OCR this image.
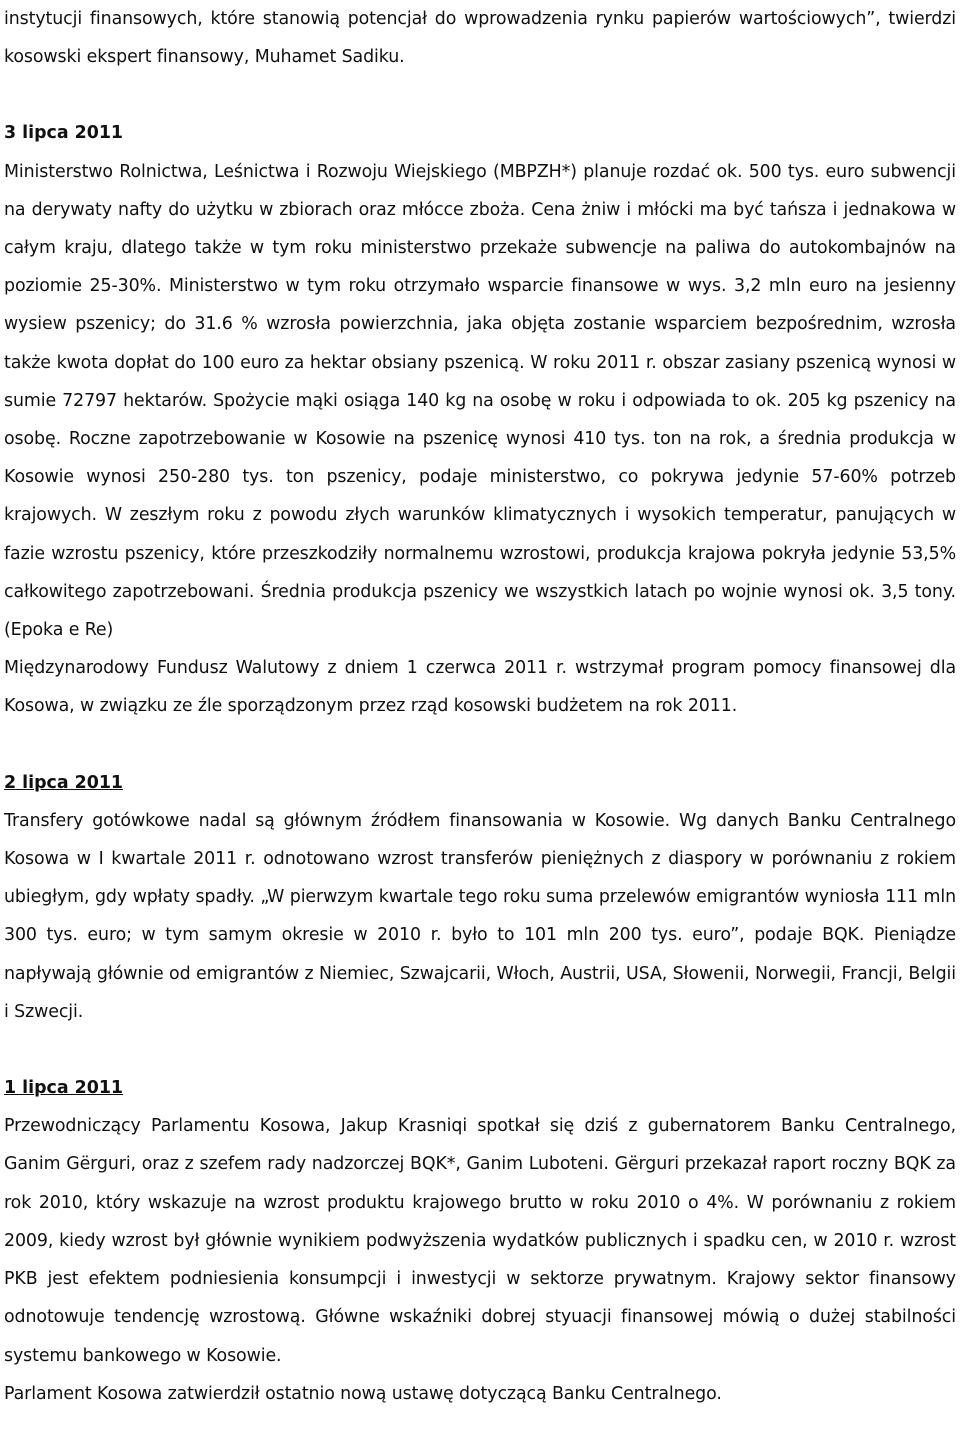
instytucji finansowych, które stanowią potencjał do wprowadzenia rynku papierów wartościowych”, twierdzi kosowski ekspert finansowy, Muhamet Sadiku.

3 lipca 2011

Ministerstwo Rolnictwa, Leśnictwa i Rozwoju Wiejskiego (MBPZH*) planuje rozdać ok. 500 tys. euro subwencji na derywaty nafty do użytku w zbiorach oraz młócce zboża. Cena żniw i młócki ma być tańsza i jednakowa w całym kraju, dlatego także w tym roku ministerstwo przekaże subwencje na paliwa do autokombajnów na poziomie 25-30%. Ministerstwo w tym roku otrzymało wsparcie finansowe w wys. 3,2 mln euro na jesienny wysiew pszenicy; do 31.6 % wzrosła powierzchnia, jaka objęta zostanie wsparciem bezpośrednim, wzrosła także kwota dopłat do 100 euro za hektar obsiany pszenicą. W roku 2011 r. obszar zasiany pszenicą wynosi w sumie 72797 hektarów. Spożycie mąki osiąga 140 kg na osobę w roku i odpowiada to ok. 205 kg pszenicy na osobę. Roczne zapotrzebowanie w Kosowie na pszenicę wynosi 410 tys. ton na rok, a średnia produkcja w Kosowie wynosi 250-280 tys. ton pszenicy, podaje ministerstwo, co pokrywa jedynie 57-60% potrzeb krajowych. W zeszłym roku z powodu złych warunków klimatycznych i wysokich temperatur, panujących w fazie wzrostu pszenicy, które przeszkodziły normalnemu wzrostowi, produkcja krajowa pokryła jedynie 53,5% całkowitego zapotrzebowani. Średnia produkcja pszenicy we wszystkich latach po wojnie wynosi ok. 3,5 tony. (Epoka e Re)

Międzynarodowy Fundusz Walutowy z dniem 1 czerwca 2011 r. wstrzymał program pomocy finansowej dla Kosowa, w związku ze źle sporządzonym przez rząd kosowski budżetem na rok 2011.

2 lipca 2011

Transfery gotówkowe nadal są głównym źródłem finansowania w Kosowie. Wg danych Banku Centralnego Kosowa w I kwartale 2011 r. odnotowano wzrost transferów pieniężnych z diaspory w porównaniu z rokiem ubiegłym, gdy wpłaty spadły. „W pierwzym kwartale tego roku suma przelewów emigrantów wyniosła 111 mln 300 tys. euro; w tym samym okresie w 2010 r. było to 101 mln 200 tys. euro”, podaje BQK. Pieniądze napływają głównie od emigrantów z Niemiec, Szwajcarii, Włoch, Austrii, USA, Słowenii, Norwegii, Francji, Belgii i Szwecji.

1 lipca 2011

Przewodniczący Parlamentu Kosowa, Jakup Krasniqi spotkał się dziś z gubernatorem Banku Centralnego, Ganim Gërguri, oraz z szefem rady nadzorczej BQK*, Ganim Luboteni. Gërguri przekazał raport roczny BQK za rok 2010, który wskazuje na wzrost produktu krajowego brutto w roku 2010 o 4%. W porównaniu z rokiem 2009, kiedy wzrost był głównie wynikiem podwyższenia wydatków publicznych i spadku cen, w 2010 r. wzrost PKB jest efektem podniesienia konsumpcji i inwestycji w sektorze prywatnym. Krajowy sektor finansowy odnotowuje tendencję wzrostową. Główne wskaźniki dobrej styuacji finansowej mówią o dużej stabilności systemu bankowego w Kosowie.

Parlament Kosowa zatwierdził ostatnio nową ustawę dotyczącą Banku Centralnego.
